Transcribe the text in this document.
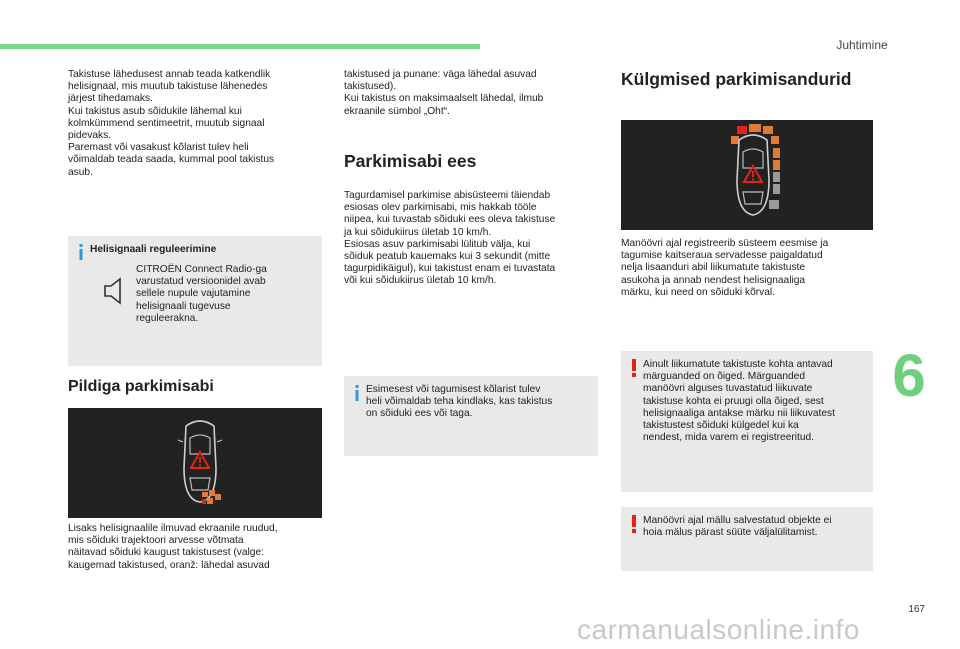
Juhtimine
6
167
Takistuse lähedusest annab teada katkendlik
helisignaal, mis muutub takistuse lähenedes
järjest tihedamaks.
Kui takistus asub sõidukile lähemal kui
kolmkümmend sentimeetrit, muutub signaal
pidevaks.
Paremast või vasakust kõlarist tulev heli
võimaldab teada saada, kummal pool takistus
asub.
Helisignaali reguleerimine
CITROËN Connect Radio-ga
varustatud versioonidel avab
sellele nupule vajutamine
helisignaali tugevuse
reguleerakna.
Pildiga parkimisabi
Lisaks helisignaalile ilmuvad ekraanile ruudud,
mis sõiduki trajektoori arvesse võtmata
näitavad sõiduki kaugust takistusest (valge:
kaugemad takistused, oranž: lähedal asuvad
takistused ja punane: väga lähedal asuvad
takistused).
Kui takistus on maksimaalselt lähedal, ilmub
ekraanile sümbol „Oht“.
Parkimisabi ees
Tagurdamisel parkimise abisüsteemi täiendab
esiosas olev parkimisabi, mis hakkab tööle
niipea, kui tuvastab sõiduki ees oleva takistuse
ja kui sõidukiirus ületab 10 km/h.
Esiosas asuv parkimisabi lülitub välja, kui
sõiduk peatub kauemaks kui 3 sekundit (mitte
tagurpidikäigul), kui takistust enam ei tuvastata
või kui sõidukiirus ületab 10 km/h.
Esimesest või tagumisest kõlarist tulev
heli võimaldab teha kindlaks, kas takistus
on sõiduki ees või taga.
Külgmised parkimisandurid
Manöövri ajal registreerib süsteem eesmise ja
tagumise kaitseraua servadesse paigaldatud
nelja lisaanduri abil liikumatute takistuste
asukoha ja annab nendest helisignaaliga
märku, kui need on sõiduki kõrval.
Ainult liikumatute takistuste kohta antavad
märguanded on õiged. Märguanded
manöövri alguses tuvastatud liikuvate
takistuse kohta ei pruugi olla õiged, sest
helisignaaliga antakse märku nii liikuvatest
takistustest sõiduki külgedel kui ka
nendest, mida varem ei registreeritud.
Manöövri ajal mällu salvestatud objekte ei
hoia mälus pärast süüte väljalülitamist.
carmanualsonline.info
